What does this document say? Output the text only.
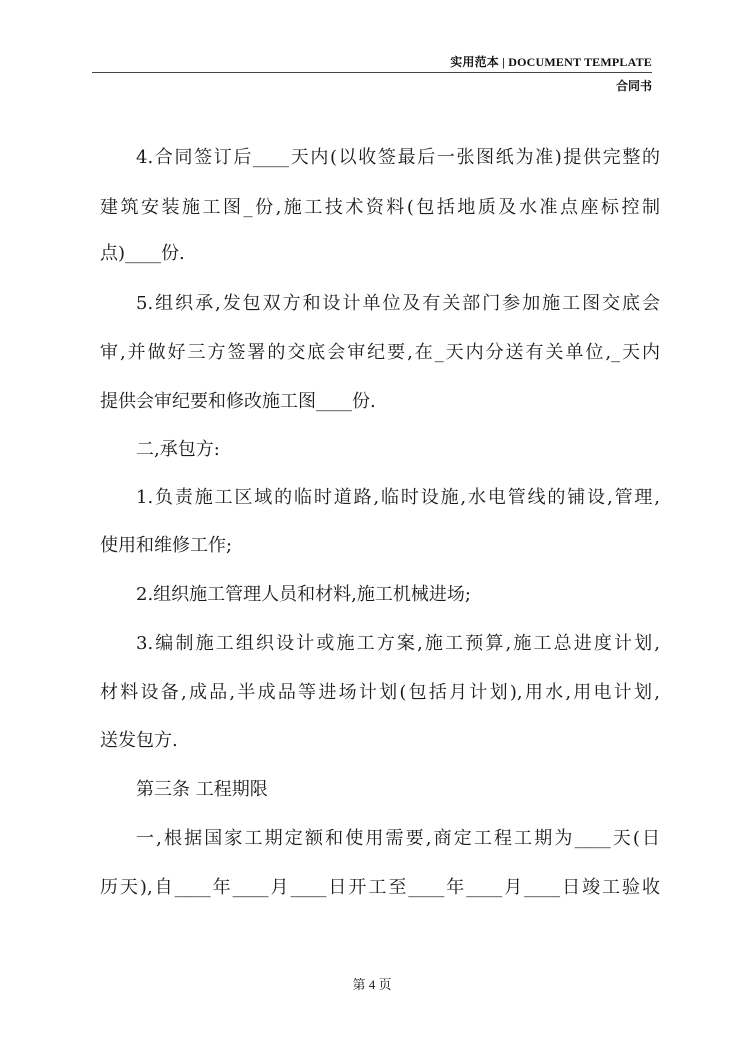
实用范本 | DOCUMENT TEMPLATE
合同书
4.合同签订后____天内(以收签最后一张图纸为准)提供完整的
建筑安装施工图_份,施工技术资料(包括地质及水准点座标控制
点)____份.
5.组织承,发包双方和设计单位及有关部门参加施工图交底会
审,并做好三方签署的交底会审纪要,在_天内分送有关单位,_天内
提供会审纪要和修改施工图____份.
二,承包方:
1.负责施工区域的临时道路,临时设施,水电管线的铺设,管理,
使用和维修工作;
2.组织施工管理人员和材料,施工机械进场;
3.编制施工组织设计或施工方案,施工预算,施工总进度计划,
材料设备,成品,半成品等进场计划(包括月计划),用水,用电计划,
送发包方.
第三条 工程期限
一,根据国家工期定额和使用需要,商定工程工期为____天(日
历天),自____年____月____日开工至____年____月____日竣工验收
第 4 页
